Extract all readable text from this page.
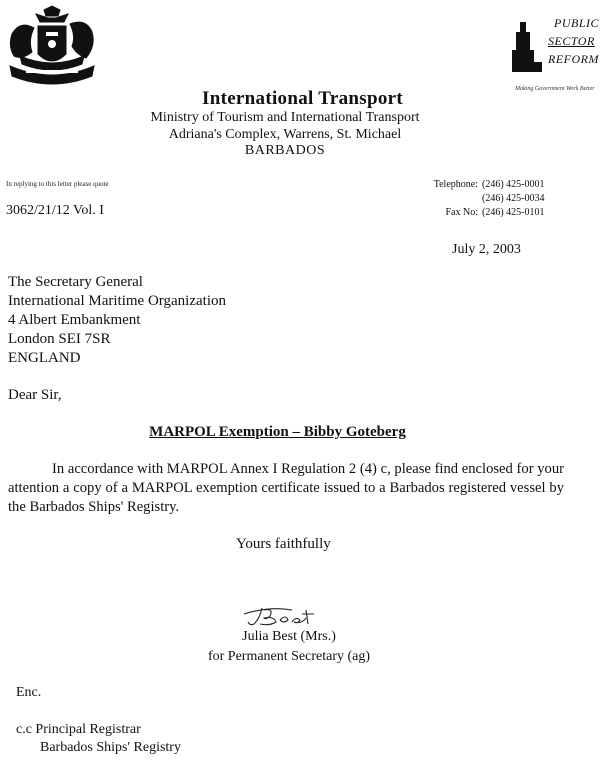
PUBLIC
SECTOR
REFORM
Making Government Work Better
International Transport
Ministry of Tourism and International Transport
Adriana's Complex, Warrens, St. Michael
BARBADOS
In replying to this letter please quote
3062/21/12 Vol. I
Telephone: (246) 425-0001
(246) 425-0034
Fax No: (246) 425-0101
July 2, 2003
The Secretary General
International Maritime Organization
4 Albert Embankment
London SEI 7SR
ENGLAND
Dear Sir,
MARPOL Exemption – Bibby Goteberg
In accordance with MARPOL Annex I Regulation 2 (4) c, please find enclosed for your attention a copy of a MARPOL exemption certificate issued to a Barbados registered vessel by the Barbados Ships' Registry.
Yours faithfully
JBest
Julia Best (Mrs.)
for Permanent Secretary (ag)
Enc.
c.c Principal Registrar
Barbados Ships' Registry
